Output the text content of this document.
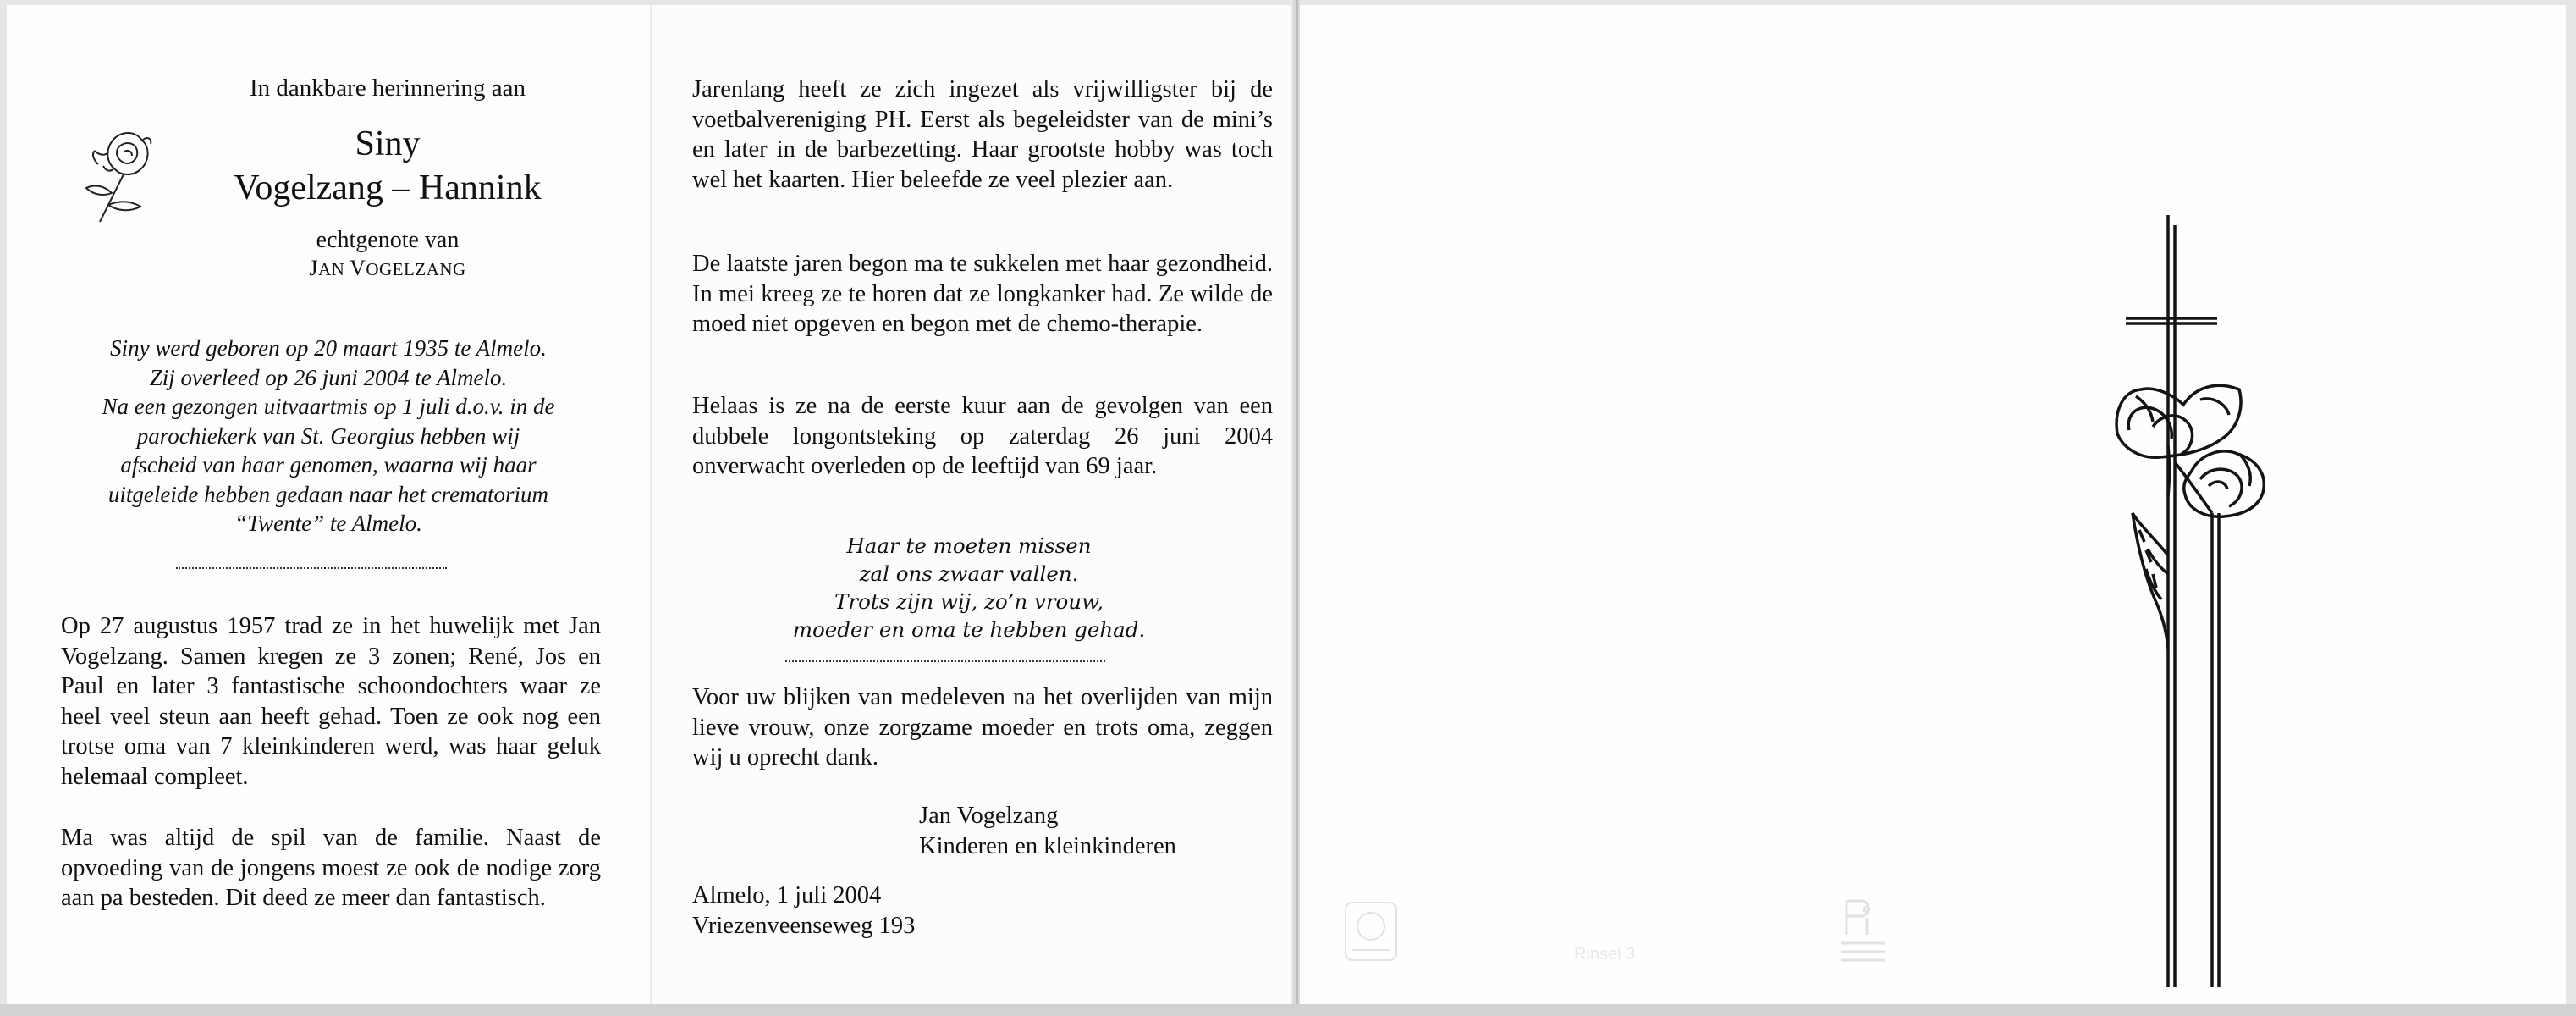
In dankbare herinnering aan
Siny
Vogelzang – Hannink
echtgenote van
JAN VOGELZANG

Siny werd geboren op 20 maart 1935 te Almelo.

Zij overleed op 26 juni 2004 te Almelo.

Na een gezongen uitvaartmis op 1 juli d.o.v. in de

parochiekerk van St. Georgius hebben wij

afscheid van haar genomen, waarna wij haar

uitgeleide hebben gedaan naar het crematorium

“Twente” te Almelo.

Op 27 augustus 1957 trad ze in het huwelijk met Jan Vogelzang. Samen kregen ze 3 zonen; René, Jos en Paul en later 3 fantastische schoondochters waar ze heel veel steun aan heeft gehad. Toen ze ook nog een trotse oma van 7 kleinkinderen werd, was haar geluk helemaal compleet.

Ma was altijd de spil van de familie. Naast de opvoeding van de jongens moest ze ook de nodige zorg aan pa besteden. Dit deed ze meer dan fantastisch.

Jarenlang heeft ze zich ingezet als vrijwilligster bij de voetbalvereniging PH. Eerst als begeleidster van de mini’s en later in de barbezetting. Haar grootste hobby was toch wel het kaarten. Hier beleefde ze veel plezier aan.

De laatste jaren begon ma te sukkelen met haar gezondheid. In mei kreeg ze te horen dat ze longkanker had. Ze wilde de moed niet opgeven en begon met de chemo-therapie.

Helaas is ze na de eerste kuur aan de gevolgen van een dubbele longontsteking op zaterdag 26 juni 2004 onverwacht overleden op de leeftijd van 69 jaar.

Haar te moeten missen

zal ons zwaar vallen.

Trots zijn wij, zo’n vrouw,

moeder en oma te hebben gehad.

Voor uw blijken van medeleven na het overlijden van mijn lieve vrouw, onze zorgzame moeder en trots oma, zeggen wij u oprecht dank.

Jan Vogelzang

Kinderen en kleinkinderen

Almelo, 1 juli 2004

Vriezenveenseweg 193

Rinsel 3
